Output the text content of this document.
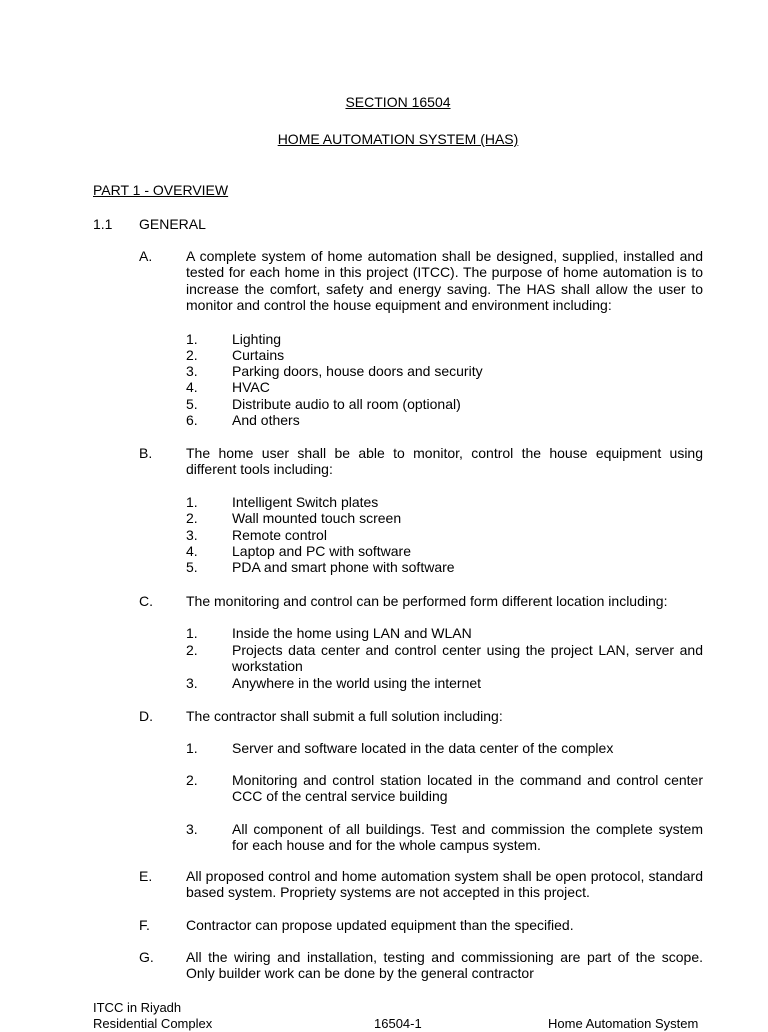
SECTION 16504
HOME AUTOMATION SYSTEM (HAS)
PART 1 - OVERVIEW
1.1 GENERAL
A. A complete system of home automation shall be designed, supplied, installed and tested for each home in this project (ITCC). The purpose of home automation is to increase the comfort, safety and energy saving. The HAS shall allow the user to monitor and control the house equipment and environment including:
1. Lighting
2. Curtains
3. Parking doors, house doors and security
4. HVAC
5. Distribute audio to all room (optional)
6. And others
B. The home user shall be able to monitor, control the house equipment using different tools including:
1. Intelligent Switch plates
2. Wall mounted touch screen
3. Remote control
4. Laptop and PC with software
5. PDA and smart phone with software
C. The monitoring and control can be performed form different location including:
1. Inside the home using LAN and WLAN
2. Projects data center and control center using the project LAN, server and workstation
3. Anywhere in the world using the internet
D. The contractor shall submit a full solution including:
1. Server and software located in the data center of the complex
2. Monitoring and control station located in the command and control center CCC of the central service building
3. All component of all buildings. Test and commission the complete system for each house and for the whole campus system.
E. All proposed control and home automation system shall be open protocol, standard based system. Propriety systems are not accepted in this project.
F.	Contractor can propose updated equipment than the specified.
G. All the wiring and installation, testing and commissioning are part of the scope. Only builder work can be done by the general contractor
ITCC in Riyadh
Residential Complex	16504-1	Home Automation System
